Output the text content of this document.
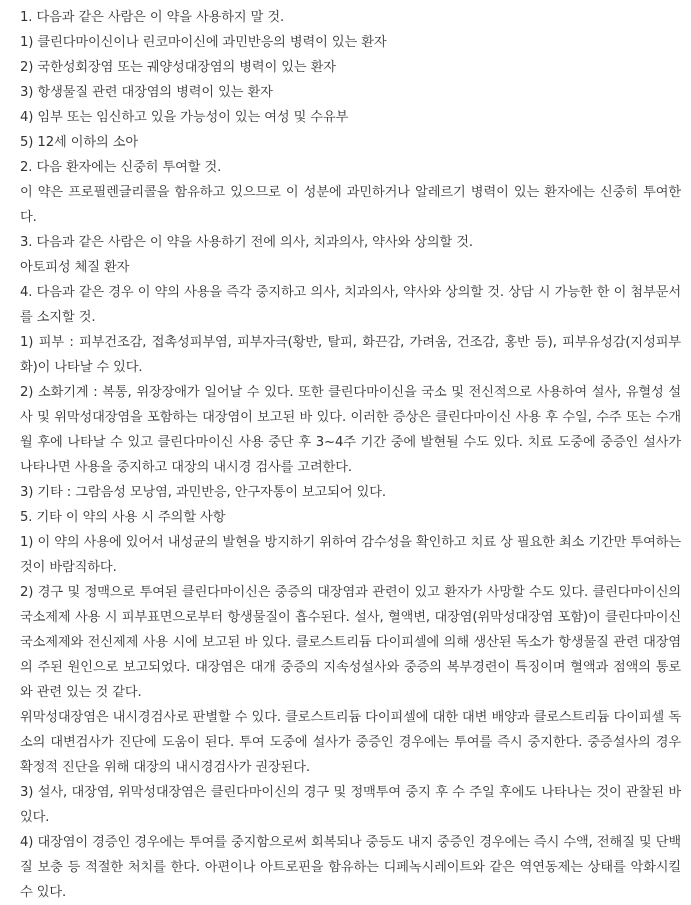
1. 다음과 같은 사람은 이 약을 사용하지 말 것.

1) 클린다마이신이나 린코마이신에 과민반응의 병력이 있는 환자

2) 국한성회장염 또는 궤양성대장염의 병력이 있는 환자

3) 항생물질 관련 대장염의 병력이 있는 환자

4) 임부 또는 임신하고 있을 가능성이 있는 여성 및 수유부

5) 12세 이하의 소아

2. 다음 환자에는 신중히 투여할 것.

이 약은 프로필렌글리콜을 함유하고 있으므로 이 성분에 과민하거나 알레르기 병력이 있는 환자에는 신중히 투여한다.

3. 다음과 같은 사람은 이 약을 사용하기 전에 의사, 치과의사, 약사와 상의할 것.

아토피성 체질 환자

4. 다음과 같은 경우 이 약의 사용을 즉각 중지하고 의사, 치과의사, 약사와 상의할 것. 상담 시 가능한 한 이 첨부문서를 소지할 것.

1) 피부 : 피부건조감, 접촉성피부염, 피부자극(황반, 탈피, 화끈감, 가려움, 건조감, 홍반 등), 피부유성감(지성피부화)이 나타날 수 있다.

2) 소화기계 : 복통, 위장장애가 일어날 수 있다. 또한 클린다마이신을 국소 및 전신적으로 사용하여 설사, 유혈성 설사 및 위막성대장염을 포함하는 대장염이 보고된 바 있다. 이러한 증상은 클린다마이신 사용 후 수일, 수주 또는 수개월 후에 나타날 수 있고 클린다마이신 사용 중단 후 3~4주 기간 중에 발현될 수도 있다. 치료 도중에 중증인 설사가 나타나면 사용을 중지하고 대장의 내시경 검사를 고려한다.

3) 기타 : 그람음성 모낭염, 과민반응, 안구자통이 보고되어 있다.

5. 기타 이 약의 사용 시 주의할 사항

1) 이 약의 사용에 있어서 내성균의 발현을 방지하기 위하여 감수성을 확인하고 치료 상 필요한 최소 기간만 투여하는 것이 바람직하다.

2) 경구 및 정맥으로 투여된 클린다마이신은 중증의 대장염과 관련이 있고 환자가 사망할 수도 있다. 클린다마이신의 국소제제 사용 시 피부표면으로부터 항생물질이 흡수된다. 설사, 혈액변, 대장염(위막성대장염 포함)이 클린다마이신 국소제제와 전신제제 사용 시에 보고된 바 있다. 클로스트리듐 다이피셀에 의해 생산된 독소가 항생물질 관련 대장염의 주된 원인으로 보고되었다. 대장염은 대개 중증의 지속성설사와 중증의 복부경련이 특징이며 혈액과 점액의 통로와 관련 있는 것 같다.

위막성대장염은 내시경검사로 판별할 수 있다. 클로스트리듐 다이피셀에 대한 대변 배양과 클로스트리듐 다이피셀 독소의 대변검사가 진단에 도움이 된다. 투여 도중에 설사가 중증인 경우에는 투여를 즉시 중지한다. 중증설사의 경우 확정적 진단을 위해 대장의 내시경검사가 권장된다.

3) 설사, 대장염, 위막성대장염은 클린다마이신의 경구 및 정맥투여 중지 후 수 주일 후에도 나타나는 것이 관찰된 바 있다.

4) 대장염이 경증인 경우에는 투여를 중지함으로써 회복되나 중등도 내지 중증인 경우에는 즉시 수액, 전해질 및 단백질 보충 등 적절한 처치를 한다. 아편이나 아트로핀을 함유하는 디페녹시레이트와 같은 역연동제는 상태를 악화시킬 수 있다.
